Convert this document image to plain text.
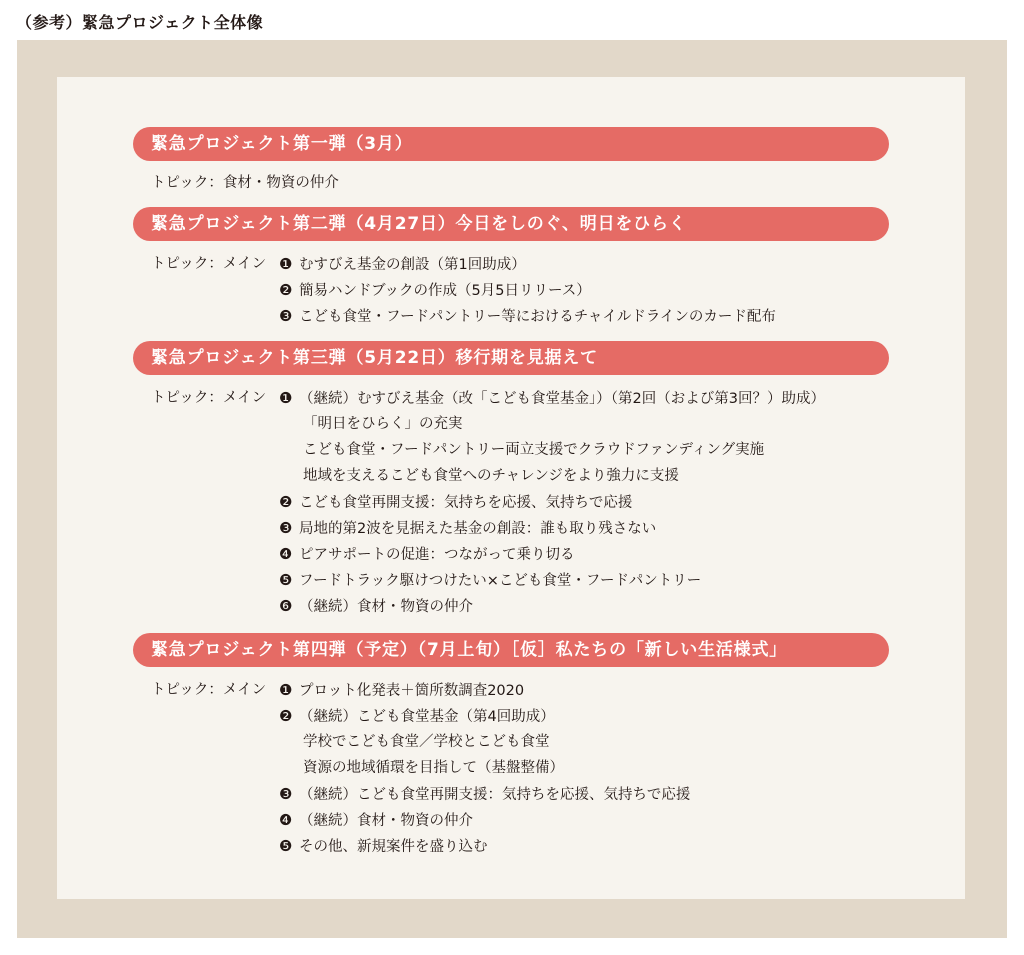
（参考）緊急プロジェクト全体像
緊急プロジェクト第一弾（3月）
トピック：食材・物資の仲介
緊急プロジェクト第二弾（4月27日）今日をしのぐ、明日をひらく
トピック：メイン ❶ むすびえ基金の創設（第1回助成）
❷ 簡易ハンドブックの作成（5月5日リリース）
❸ こども食堂・フードパントリー等におけるチャイルドラインのカード配布
緊急プロジェクト第三弾（5月22日）移行期を見据えて
トピック：メイン ❶ （継続）むすびえ基金（改「こども食堂基金」）（第2回（および第3回？）助成）
「明日をひらく」の充実
こども食堂・フードパントリー両立支援でクラウドファンディング実施
地域を支えるこども食堂へのチャレンジをより強力に支援
❷ こども食堂再開支援：気持ちを応援、気持ちで応援
❸ 局地的第2波を見据えた基金の創設：誰も取り残さない
❹ ピアサポートの促進：つながって乗り切る
❺ フードトラック駆けつけたい×こども食堂・フードパントリー
❻ （継続）食材・物資の仲介
緊急プロジェクト第四弾（予定）（7月上旬）［仮］私たちの「新しい生活様式」
トピック：メイン ❶ プロット化発表＋箇所数調査2020
❷ （継続）こども食堂基金（第4回助成）
学校でこども食堂／学校とこども食堂
資源の地域循環を目指して（基盤整備）
❸ （継続）こども食堂再開支援：気持ちを応援、気持ちで応援
❹ （継続）食材・物資の仲介
❺ その他、新規案件を盛り込む
